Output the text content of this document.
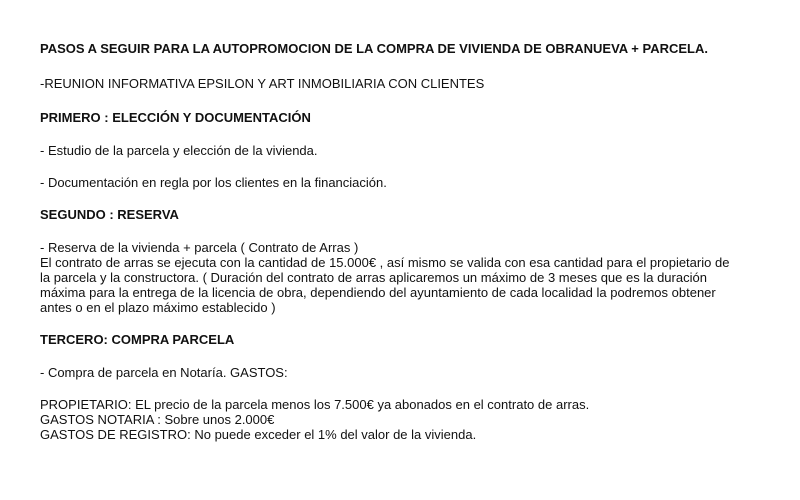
PASOS A SEGUIR PARA LA AUTOPROMOCION DE LA COMPRA DE VIVIENDA DE OBRANUEVA + PARCELA.
-REUNION INFORMATIVA EPSILON Y ART INMOBILIARIA CON CLIENTES
PRIMERO : ELECCIÓN Y DOCUMENTACIÓN
- Estudio de la parcela y elección de la vivienda.
- Documentación en regla por los clientes en la financiación.
SEGUNDO : RESERVA
- Reserva de la vivienda + parcela ( Contrato de Arras )
El contrato de arras se ejecuta con la cantidad de 15.000€ , así mismo se valida con esa cantidad para el propietario de
la parcela y la constructora. ( Duración del contrato de arras aplicaremos un máximo de 3 meses que es la duración
máxima para la entrega de la licencia de obra, dependiendo del ayuntamiento de cada localidad la podremos obtener
antes o en el plazo máximo establecido )
TERCERO: COMPRA PARCELA
- Compra de parcela en Notaría. GASTOS:
PROPIETARIO: EL precio de la parcela menos los 7.500€ ya abonados en el contrato de arras.
GASTOS NOTARIA : Sobre unos 2.000€
GASTOS DE REGISTRO: No puede exceder el 1% del valor de la vivienda.
